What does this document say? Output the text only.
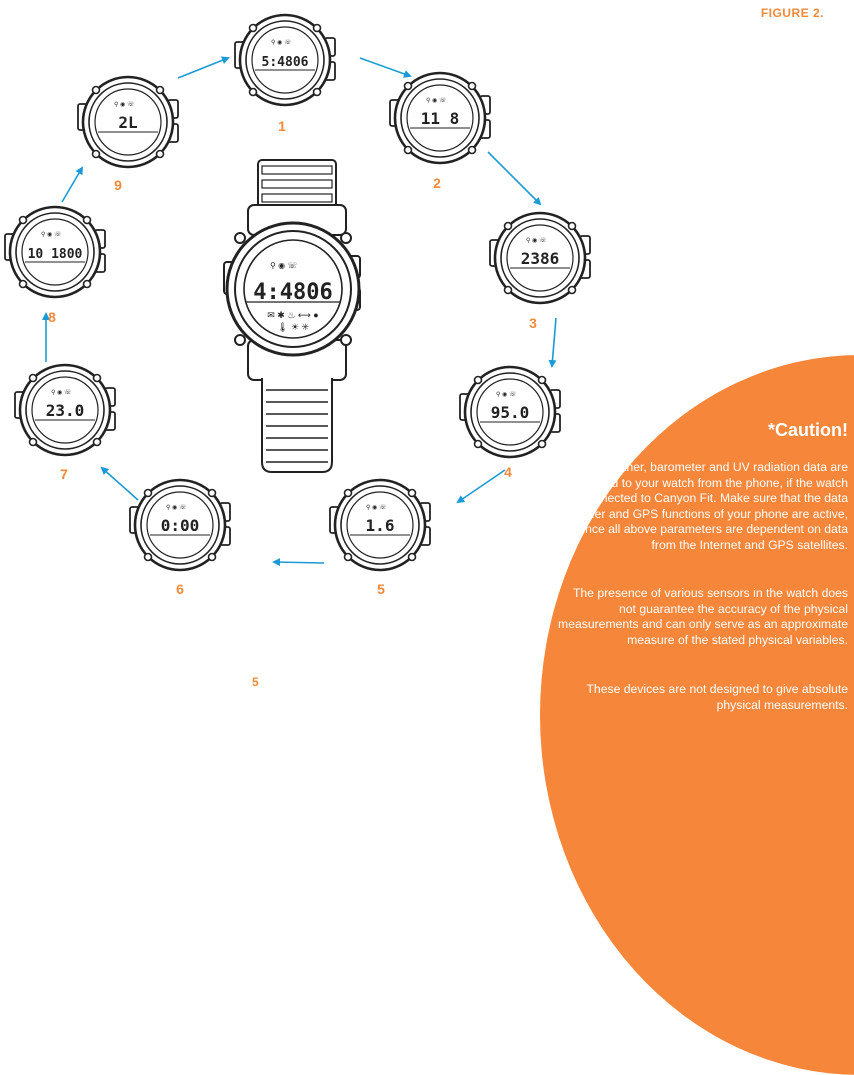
FIGURE 2.
⚲ ◉ ☏
4:4806
✉ ✱ ♨ ⟷ ●
🌡 ☀ ✳
⚲ ◉ ☏
5:4806
⚲ ◉ ☏
11 8
⚲ ◉ ☏
2386
⚲ ◉ ☏
95.0
⚲ ◉ ☏
1.6
⚲ ◉ ☏
0:00
⚲ ◉ ☏
23.0
⚲ ◉ ☏
10 1800
⚲ ◉ ☏
2L	1
2
3
4
5
6
7
8
9
*Caution!
Weather, barometer and UV radiation data are transferred to your watch from the phone, if the watch is connected to Canyon Fit. Make sure that the data transfer and GPS functions of your phone are active, since all above parameters are dependent on data from the Internet and GPS satellites.
The presence of various sensors in the watch does not guarantee the accuracy of the physical measurements and can only serve as an approximate measure of the stated physical variables.
These devices are not designed to give absolute physical measurements.
5
